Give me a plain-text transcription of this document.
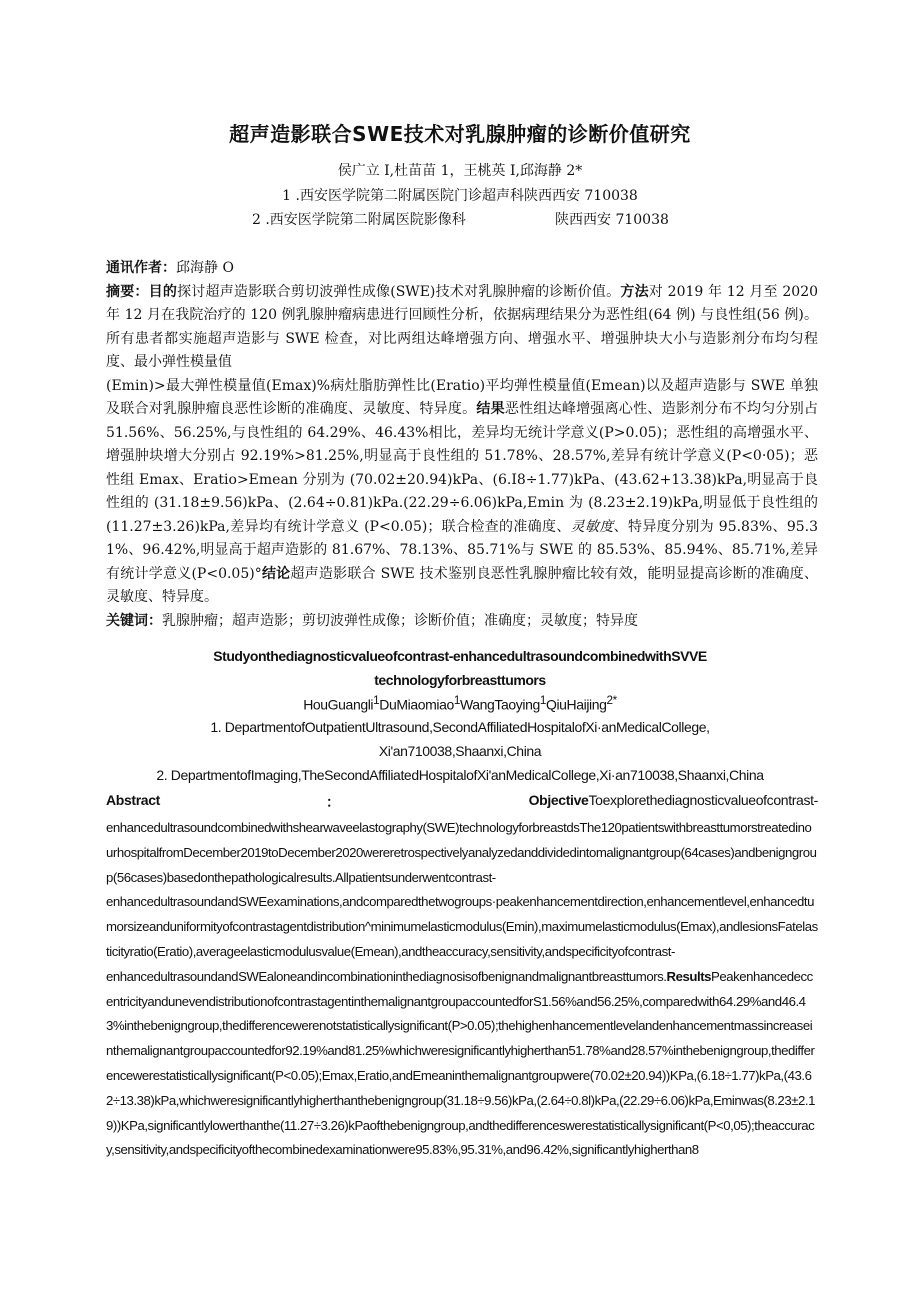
超声造影联合SWE技术对乳腺肿瘤的诊断价值研究
侯广立 I,杜苗苗 1，王桃英 I,邱海静 2*
1 .西安医学院第二附属医院门诊超声科陕西西安 710038
2 .西安医学院第二附属医院影像科	陕西西安 710038

通讯作者：邱海静 O

摘要：目的探讨超声造影联合剪切波弹性成像(SWE)技术对乳腺肿瘤的诊断价值。方法对 2019 年 12 月至 2020 年 12 月在我院治疗的 120 例乳腺肿瘤病患进行回顾性分析，依据病理结果分为恶性组(64 例) 与良性组(56 例)。所有患者都实施超声造影与 SWE 检查，对比两组达峰增强方向、增强水平、增强肿块大小与造影剂分布均匀程度、最小弹性模量值

(Emin)>最大弹性模量值(Emax)%病灶脂肪弹性比(Eratio)平均弹性模量值(Emean)以及超声造影与 SWE 单独及联合对乳腺肿瘤良恶性诊断的准确度、灵敏度、特异度。结果恶性组达峰增强离心性、造影剂分布不均匀分别占 51.56%、56.25%,与良性组的 64.29%、46.43%相比，差异均无统计学意义(P>0.05)；恶性组的高增强水平、增强肿块增大分别占 92.19%>81.25%,明显高于良性组的 51.78%、28.57%,差异有统计学意义(P<0·05)；恶性组 Emax、Eratio>Emean 分别为 (70.02±20.94)kPa、(6.I8÷1.77)kPa、(43.62+13.38)kPa,明显高于良性组的 (31.18±9.56)kPa、(2.64÷0.81)kPa.(22.29÷6.06)kPa,Emin 为 (8.23±2.19)kPa,明显低于良性组的 (11.27±3.26)kPa,差异均有统计学意义 (P<0.05)；联合检查的准确度、灵敏度、特异度分别为 95.83%、95.31%、96.42%,明显高于超声造影的 81.67%、78.13%、85.71%与 SWE 的 85.53%、85.94%、85.71%,差异有统计学意义(P<0.05)°结论超声造影联合 SWE 技术鉴别良恶性乳腺肿瘤比较有效，能明显提高诊断的准确度、灵敏度、特异度。

关键词：乳腺肿瘤；超声造影；剪切波弹性成像；诊断价值；准确度；灵敏度；特异度

Studyonthediagnosticvalueofcontrast-enhancedultrasoundcombinedwithSVVE
technologyforbreasttumors
HouGuangli$^1$DuMiaomiao$^1$WangTaoying$^1$QiuHaijing$^{2*}$
1. DepartmentofOutpatientUltrasound,SecondAffiliatedHospitalofXi·anMedicalCollege,
Xi'an710038,Shaanxi,China
2. DepartmentofImaging,TheSecondAffiliatedHospitalofXi'anMedicalCollege,Xi·an710038,Shaanxi,China
Abstract	：	ObjectiveToexplorethediagnosticvalueofcontrast-

enhancedultrasoundcombinedwithshearwaveelastography(SWE)technologyforbreastdsThe120patientswithbreasttumorstreatedinourhospitalfromDecember2019toDecember2020wereretrospectivelyanalyzedanddividedintomalignantgroup(64cases)andbenigngroup(56cases)basedonthepathologicalresults.Allpatientsunderwentcontrast-

enhancedultrasoundandSWEexaminations,andcomparedthetwogroups·peakenhancementdirection,enhancementlevel,enhancedtumorsizeanduniformityofcontrastagentdistribution^minimumelasticmodulus(Emin),maximumelasticmodulus(Emax),andlesionsFatelasticityratio(Eratio),averageelasticmodulusvalue(Emean),andtheaccuracy,sensitivity,andspecificityofcontrast-

enhancedultrasoundandSWEaloneandincombinationinthediagnosisofbenignandmalignantbreasttumors.ResultsPeakenhancedeccentricityandunevendistributionofcontrastagentinthemalignantgroupaccountedforS1.56%and56.25%,comparedwith64.29%and46.43%inthebenigngroup,thedifferencewerenotstatisticallysignificant(P>0.05);thehighenhancementlevelandenhancementmassincreaseinthemalignantgroupaccountedfor92.19%and81.25%whichweresignificantlyhigherthan51.78%and28.57%inthebenigngroup,thedifferencewerestatisticallysignificant(P<0.05);Emax,Eratio,andEmeaninthemalignantgroupwere(70.02±20.94))KPa,(6.18÷1.77)kPa,(43.62÷13.38)kPa,whichweresignificantlyhigherthanthebenigngroup(31.18÷9.56)kPa,(2.64÷0.8l)kPa,(22.29÷6.06)kPa,Eminwas(8.23±2.19))KPa,significantlylowerthanthe(11.27÷3.26)kPaofthebenigngroup,andthedifferenceswerestatisticallysignificant(P<0,05);theaccuracy,sensitivity,andspecificityofthecombinedexaminationwere95.83%,95.31%,and96.42%,significantlyhigherthan8
